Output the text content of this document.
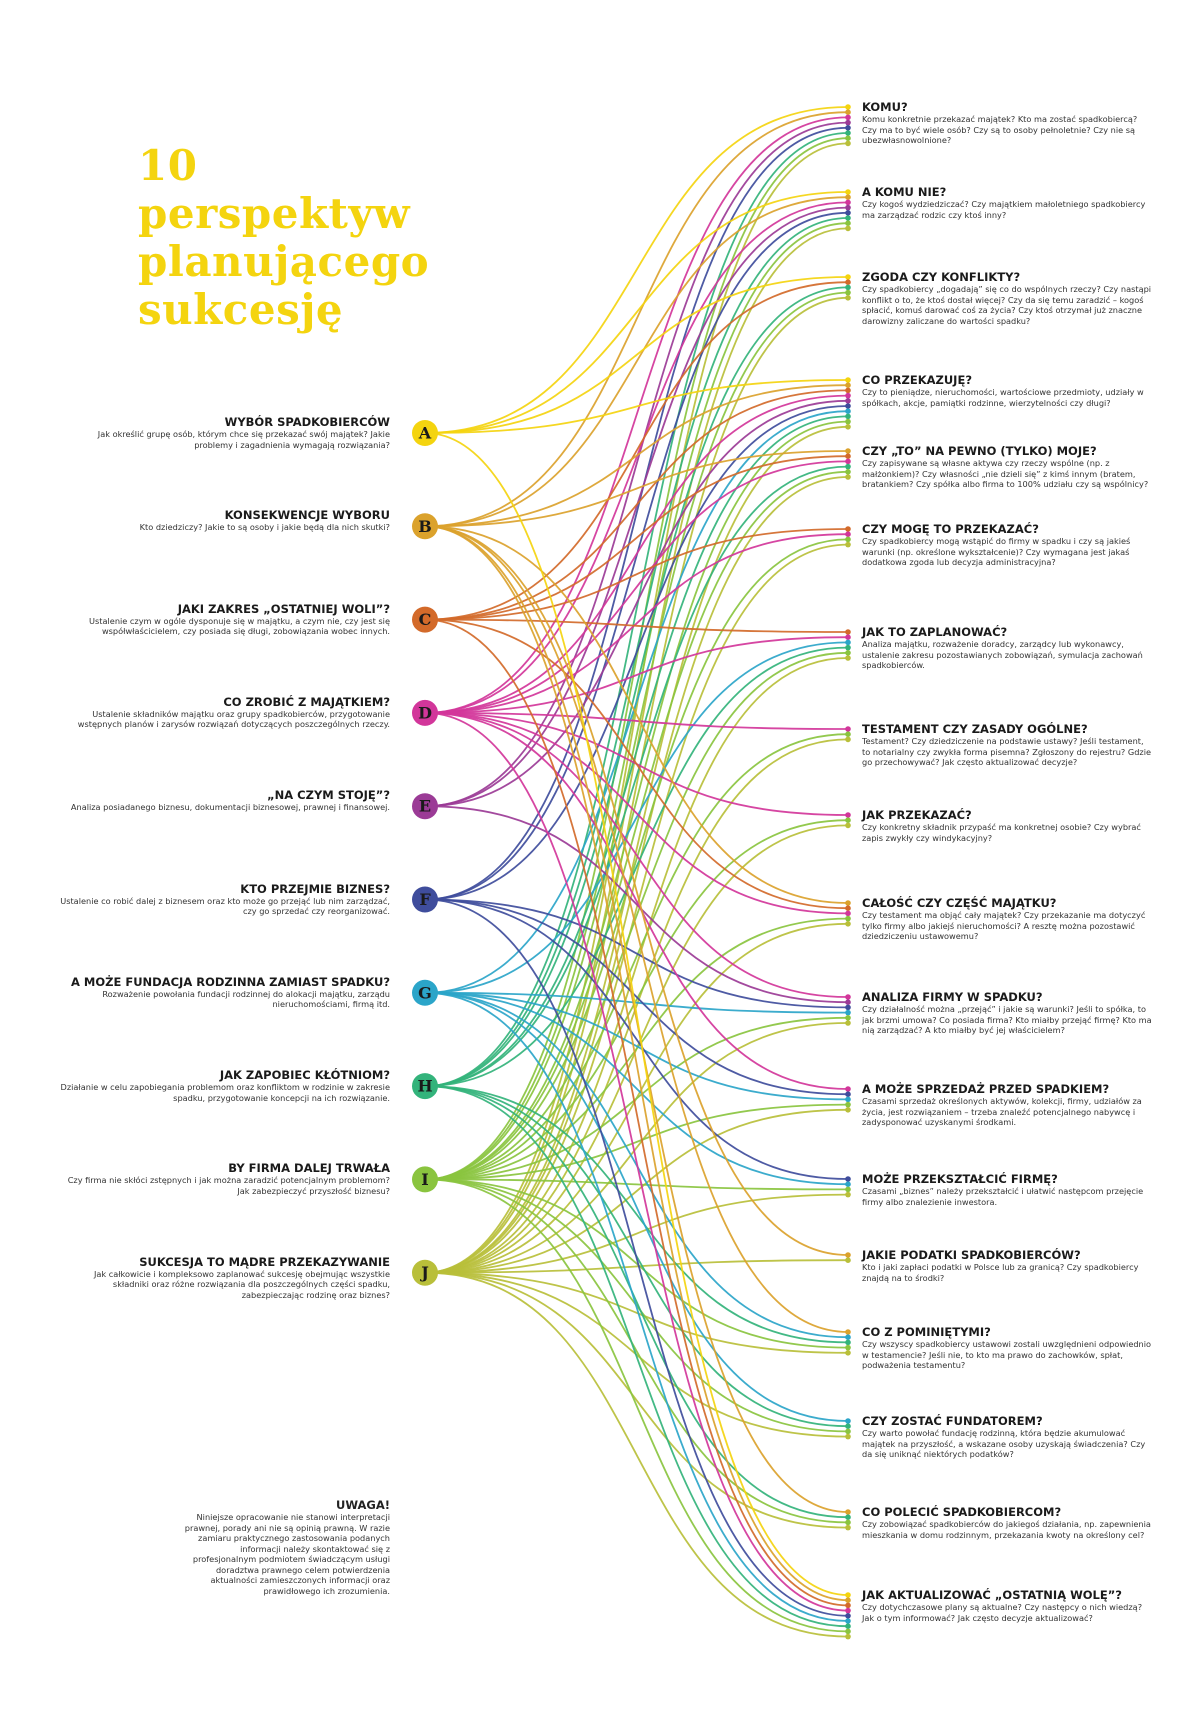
10 perspektyw
planującego
sukcesję
A
B
C
D
E
F
G
H
I
J
WYBÓR SPADKOBIERCÓW

Jak określić grupę osób, którym chce się przekazać swój majątek? Jakie problemy i zagadnienia wymagają rozwiązania?

KONSEKWENCJE WYBORU

Kto dziedziczy? Jakie to są osoby i jakie będą dla nich skutki?

JAKI ZAKRES „OSTATNIEJ WOLI”?

Ustalenie czym w ogóle dysponuje się w majątku, a czym nie, czy jest się współwłaścicielem, czy posiada się długi, zobowiązania wobec innych.

CO ZROBIĆ Z MAJĄTKIEM?

Ustalenie składników majątku oraz grupy spadkobierców, przygotowanie wstępnych planów i zarysów rozwiązań dotyczących poszczególnych rzeczy.

„NA CZYM STOJĘ”?

Analiza posiadanego biznesu, dokumentacji biznesowej, prawnej i finansowej.

KTO PRZEJMIE BIZNES?

Ustalenie co robić dalej z biznesem oraz kto może go przejąć lub nim zarządzać, czy go sprzedać czy reorganizować.

A MOŻE FUNDACJA RODZINNA ZAMIAST SPADKU?

Rozważenie powołania fundacji rodzinnej do alokacji majątku, zarządu nieruchomościami, firmą itd.

JAK ZAPOBIEC KŁÓTNIOM?

Działanie w celu zapobiegania problemom oraz konfliktom w rodzinie w zakresie spadku, przygotowanie koncepcji na ich rozwiązanie.

BY FIRMA DALEJ TRWAŁA

Czy firma nie skłóci zstępnych i jak można zaradzić potencjalnym problemom? Jak zabezpieczyć przyszłość biznesu?

SUKCESJA TO MĄDRE PRZEKAZYWANIE

Jak całkowicie i kompleksowo zaplanować sukcesję obejmując wszystkie składniki oraz różne rozwiązania dla poszczególnych części spadku, zabezpieczając rodzinę oraz biznes?

KOMU?

Komu konkretnie przekazać majątek? Kto ma zostać spadkobiercą? Czy ma to być wiele osób? Czy są to osoby pełnoletnie? Czy nie są ubezwłasnowolnione?

A KOMU NIE?

Czy kogoś wydziedziczać? Czy majątkiem małoletniego spadkobiercy ma zarządzać rodzic czy ktoś inny?

ZGODA CZY KONFLIKTY?

Czy spadkobiercy „dogadają” się co do wspólnych rzeczy? Czy nastąpi konflikt o to, że ktoś dostał więcej? Czy da się temu zaradzić – kogoś spłacić, komuś darować coś za życia? Czy ktoś otrzymał już znaczne darowizny zaliczane do wartości spadku?

CO PRZEKAZUJĘ?

Czy to pieniądze, nieruchomości, wartościowe przedmioty, udziały w spółkach, akcje, pamiątki rodzinne, wierzytelności czy długi?

CZY „TO” NA PEWNO (TYLKO) MOJE?

Czy zapisywane są własne aktywa czy rzeczy wspólne (np. z małżonkiem)? Czy własności „nie dzieli się” z kimś innym (bratem, bratankiem? Czy spółka albo firma to 100% udziału czy są wspólnicy?

CZY MOGĘ TO PRZEKAZAĆ?

Czy spadkobiercy mogą wstąpić do firmy w spadku i czy są jakieś warunki (np. określone wykształcenie)? Czy wymagana jest jakaś dodatkowa zgoda lub decyzja administracyjna?

JAK TO ZAPLANOWAĆ?

Analiza majątku, rozważenie doradcy, zarządcy lub wykonawcy, ustalenie zakresu pozostawianych zobowiązań, symulacja zachowań spadkobierców.

TESTAMENT CZY ZASADY OGÓLNE?

Testament? Czy dziedziczenie na podstawie ustawy? Jeśli testament, to notarialny czy zwykła forma pisemna? Zgłoszony do rejestru? Gdzie go przechowywać? Jak często aktualizować decyzje?

JAK PRZEKAZAĆ?

Czy konkretny składnik przypaść ma konkretnej osobie? Czy wybrać zapis zwykły czy windykacyjny?

CAŁOŚĆ CZY CZĘŚĆ MAJĄTKU?

Czy testament ma objąć cały majątek? Czy przekazanie ma dotyczyć tylko firmy albo jakiejś nieruchomości? A resztę można pozostawić dziedziczeniu ustawowemu?

ANALIZA FIRMY W SPADKU?

Czy działalność można „przejąć” i jakie są warunki? Jeśli to spółka, to jak brzmi umowa? Co posiada firma? Kto miałby przejąć firmę? Kto ma nią zarządzać? A kto miałby być jej właścicielem?

A MOŻE SPRZEDAŻ PRZED SPADKIEM?

Czasami sprzedaż określonych aktywów, kolekcji, firmy, udziałów za życia, jest rozwiązaniem – trzeba znaleźć potencjalnego nabywcę i zadysponować uzyskanymi środkami.

MOŻE PRZEKSZTAŁCIĆ FIRMĘ?

Czasami „biznes” należy przekształcić i ułatwić następcom przejęcie firmy albo znalezienie inwestora.

JAKIE PODATKI SPADKOBIERCÓW?

Kto i jaki zapłaci podatki w Polsce lub za granicą? Czy spadkobiercy znajdą na to środki?

CO Z POMINIĘTYMI?

Czy wszyscy spadkobiercy ustawowi zostali uwzględnieni odpowiednio w testamencie? Jeśli nie, to kto ma prawo do zachowków, spłat, podważenia testamentu?

CZY ZOSTAĆ FUNDATOREM?

Czy warto powołać fundację rodzinną, która będzie akumulować majątek na przyszłość, a wskazane osoby uzyskają świadczenia? Czy da się uniknąć niektórych podatków?

CO POLECIĆ SPADKOBIERCOM?

Czy zobowiązać spadkobierców do jakiegoś działania, np. zapewnienia mieszkania w domu rodzinnym, przekazania kwoty na określony cel?

JAK AKTUALIZOWAĆ „OSTATNIĄ WOLĘ”?

Czy dotychczasowe plany są aktualne? Czy następcy o nich wiedzą? Jak o tym informować? Jak często decyzje aktualizować?

UWAGA!

Niniejsze opracowanie nie stanowi interpretacji prawnej, porady ani nie są opinią prawną. W razie zamiaru praktycznego zastosowania podanych informacji należy skontaktować się z profesjonalnym podmiotem świadczącym usługi doradztwa prawnego celem potwierdzenia aktualności zamieszczonych informacji oraz prawidłowego ich zrozumienia.
